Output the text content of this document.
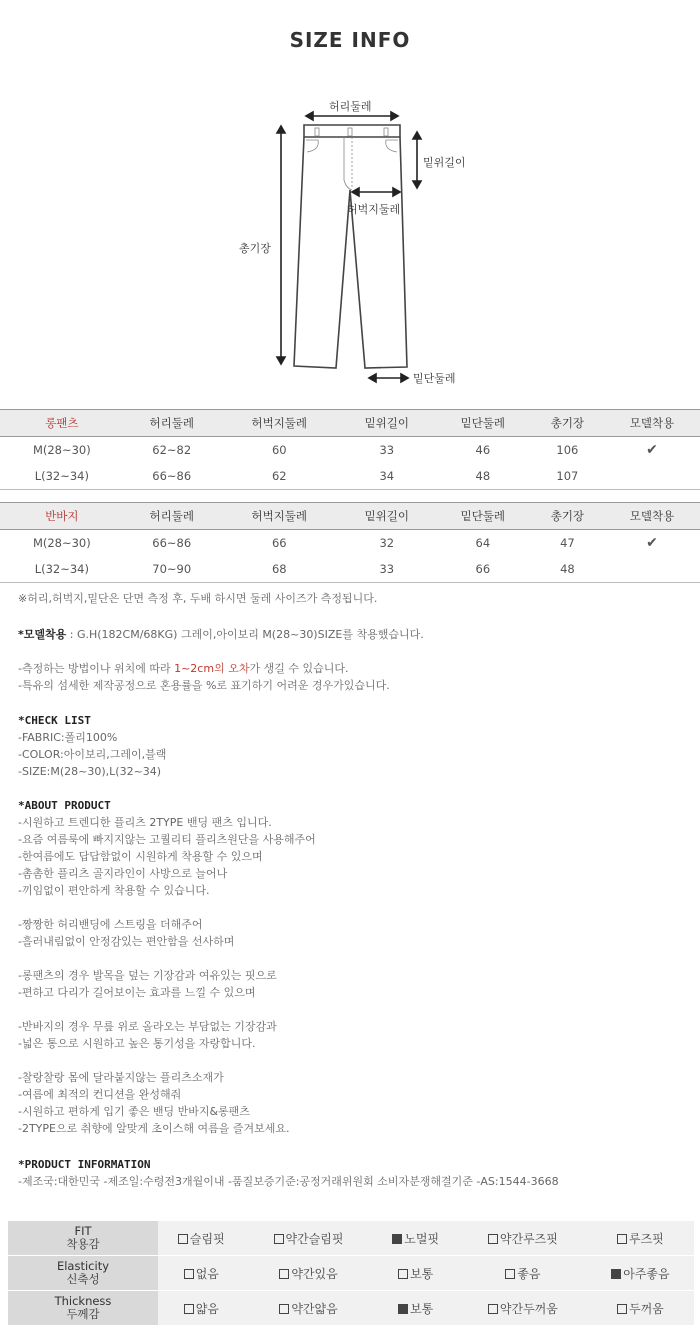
SIZE INFO
허리둘레
밑위길이
허벅지둘레
총기장
밑단둘레
롱팬츠	허리둘레	허벅지둘레	밑위길이	밑단둘레	총기장	모델착용
M(28~30)	62~82	60	33	46	106	✔
L(32~34)	66~86	62	34	48	107	
반바지	허리둘레	허벅지둘레	밑위길이	밑단둘레	총기장	모델착용
M(28~30)	66~86	66	32	64	47	✔
L(32~34)	70~90	68	33	66	48	
※허리,허벅지,밑단은 단면 측정 후, 두배 하시면 둘레 사이즈가 측정됩니다.
*모델착용 : G.H(182CM/68KG) 그레이,아이보리 M(28~30)SIZE를 착용했습니다.
-측정하는 방법이나 위치에 따라 1~2cm의 오차가 생길 수 있습니다.
-특유의 섬세한 제작공정으로 혼용률을 %로 표기하기 어려운 경우가있습니다.
*CHECK LIST
-FABRIC:폴리100%
-COLOR:아이보리,그레이,블랙
-SIZE:M(28~30),L(32~34)
*ABOUT PRODUCT
-시원하고 트렌디한 플리츠 2TYPE 밴딩 팬츠 입니다.
-요즘 여름룩에 빠지지않는 고퀄리티 플리츠원단을 사용해주어
-한여름에도 답답함없이 시원하게 착용할 수 있으며
-촘촘한 플리츠 골지라인이 사방으로 늘어나
-끼임없이 편안하게 착용할 수 있습니다.
-짱짱한 허리밴딩에 스트링을 더해주어
-흘러내림없이 안정감있는 편안함을 선사하며
-롱팬츠의 경우 발목을 덮는 기장감과 여유있는 핏으로
-편하고 다리가 길어보이는 효과를 느낄 수 있으며
-반바지의 경우 무릎 위로 올라오는 부담없는 기장감과
-넓은 통으로 시원하고 높은 통기성을 자랑합니다.
-찰랑찰랑 몸에 달라붙지않는 플리츠소재가
-여름에 최적의 컨디션을 완성해줘
-시원하고 편하게 입기 좋은 밴딩 반바지&롱팬츠
-2TYPE으로 취향에 알맞게 초이스해 여름을 즐겨보세요.
*PRODUCT INFORMATION
-제조국:대한민국 -제조일:수령전3개월이내 -품질보증기준:공정거래위원회 소비자분쟁해결기준 -AS:1544-3668
FIT
착용감	슬림핏	약간슬림핏	노멀핏	약간루즈핏	루즈핏

Elasticity
신축성	없음	약간있음	보통	좋음	아주좋음

Thickness
두께감	얇음	약간얇음	보통	약간두꺼움	두꺼움
